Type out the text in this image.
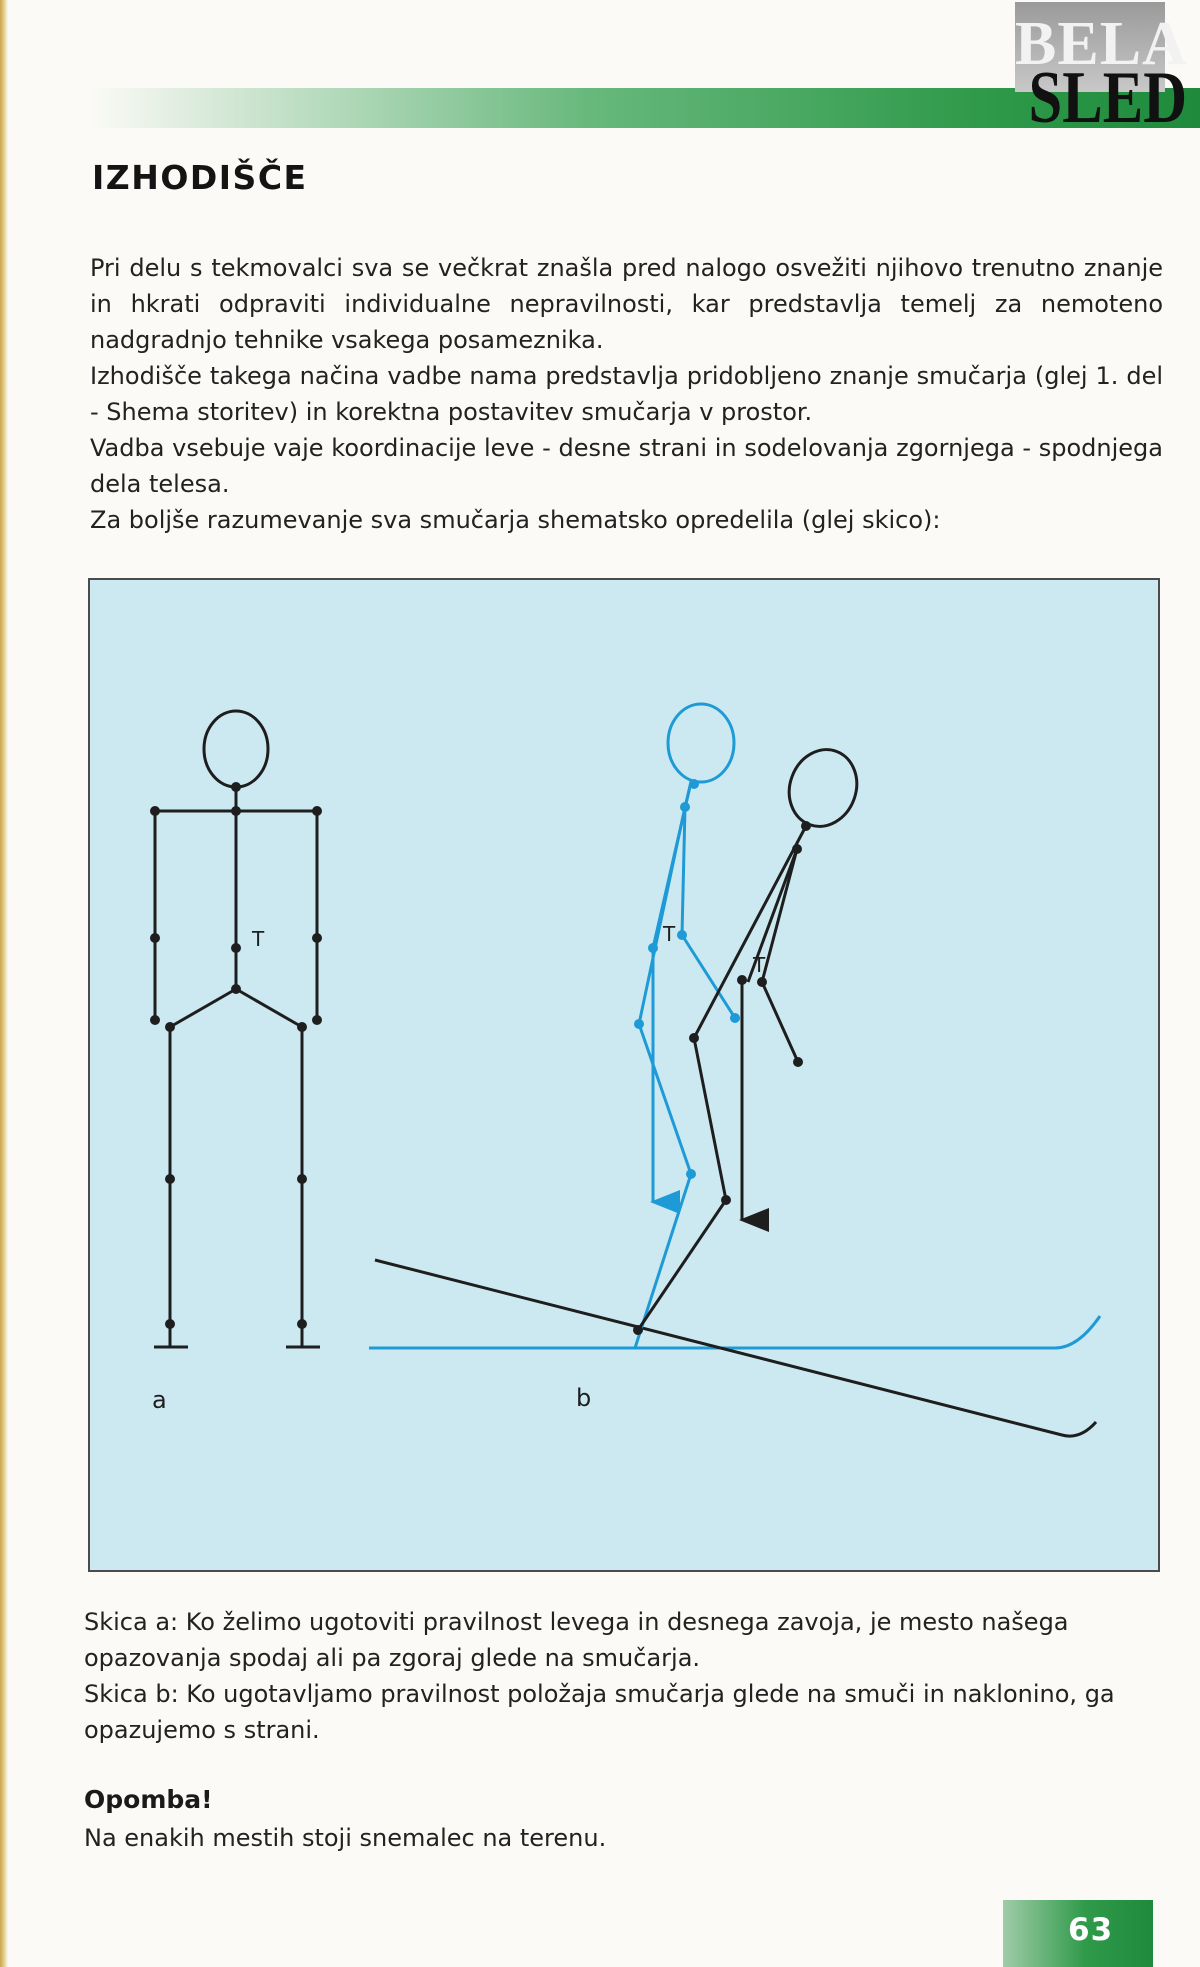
BELA
SLED
IZHODIŠČE

Pri delu s tekmovalci sva se večkrat znašla pred nalogo osvežiti njihovo trenutno znanje in hkrati odpraviti individualne nepravilnosti, kar predstavlja temelj za nemoteno nadgradnjo tehnike vsakega posameznika.

Izhodišče takega načina vadbe nama predstavlja pridobljeno znanje smučarja (glej 1. del - Shema storitev) in korektna postavitev smučarja v prostor.

Vadba vsebuje vaje koordinacije leve - desne strani in sodelovanja zgornjega - spodnjega dela telesa.

Za boljše razumevanje sva smučarja shematsko opredelila (glej skico):

T
a
T
T
b

Skica a: Ko želimo ugotoviti pravilnost levega in desnega zavoja, je mesto našega opazovanja spodaj ali pa zgoraj glede na smučarja.

Skica b: Ko ugotavljamo pravilnost položaja smučarja glede na smuči in naklonino, ga opazujemo s strani.

Opomba!
Na enakih mestih stoji snemalec na terenu.
63
